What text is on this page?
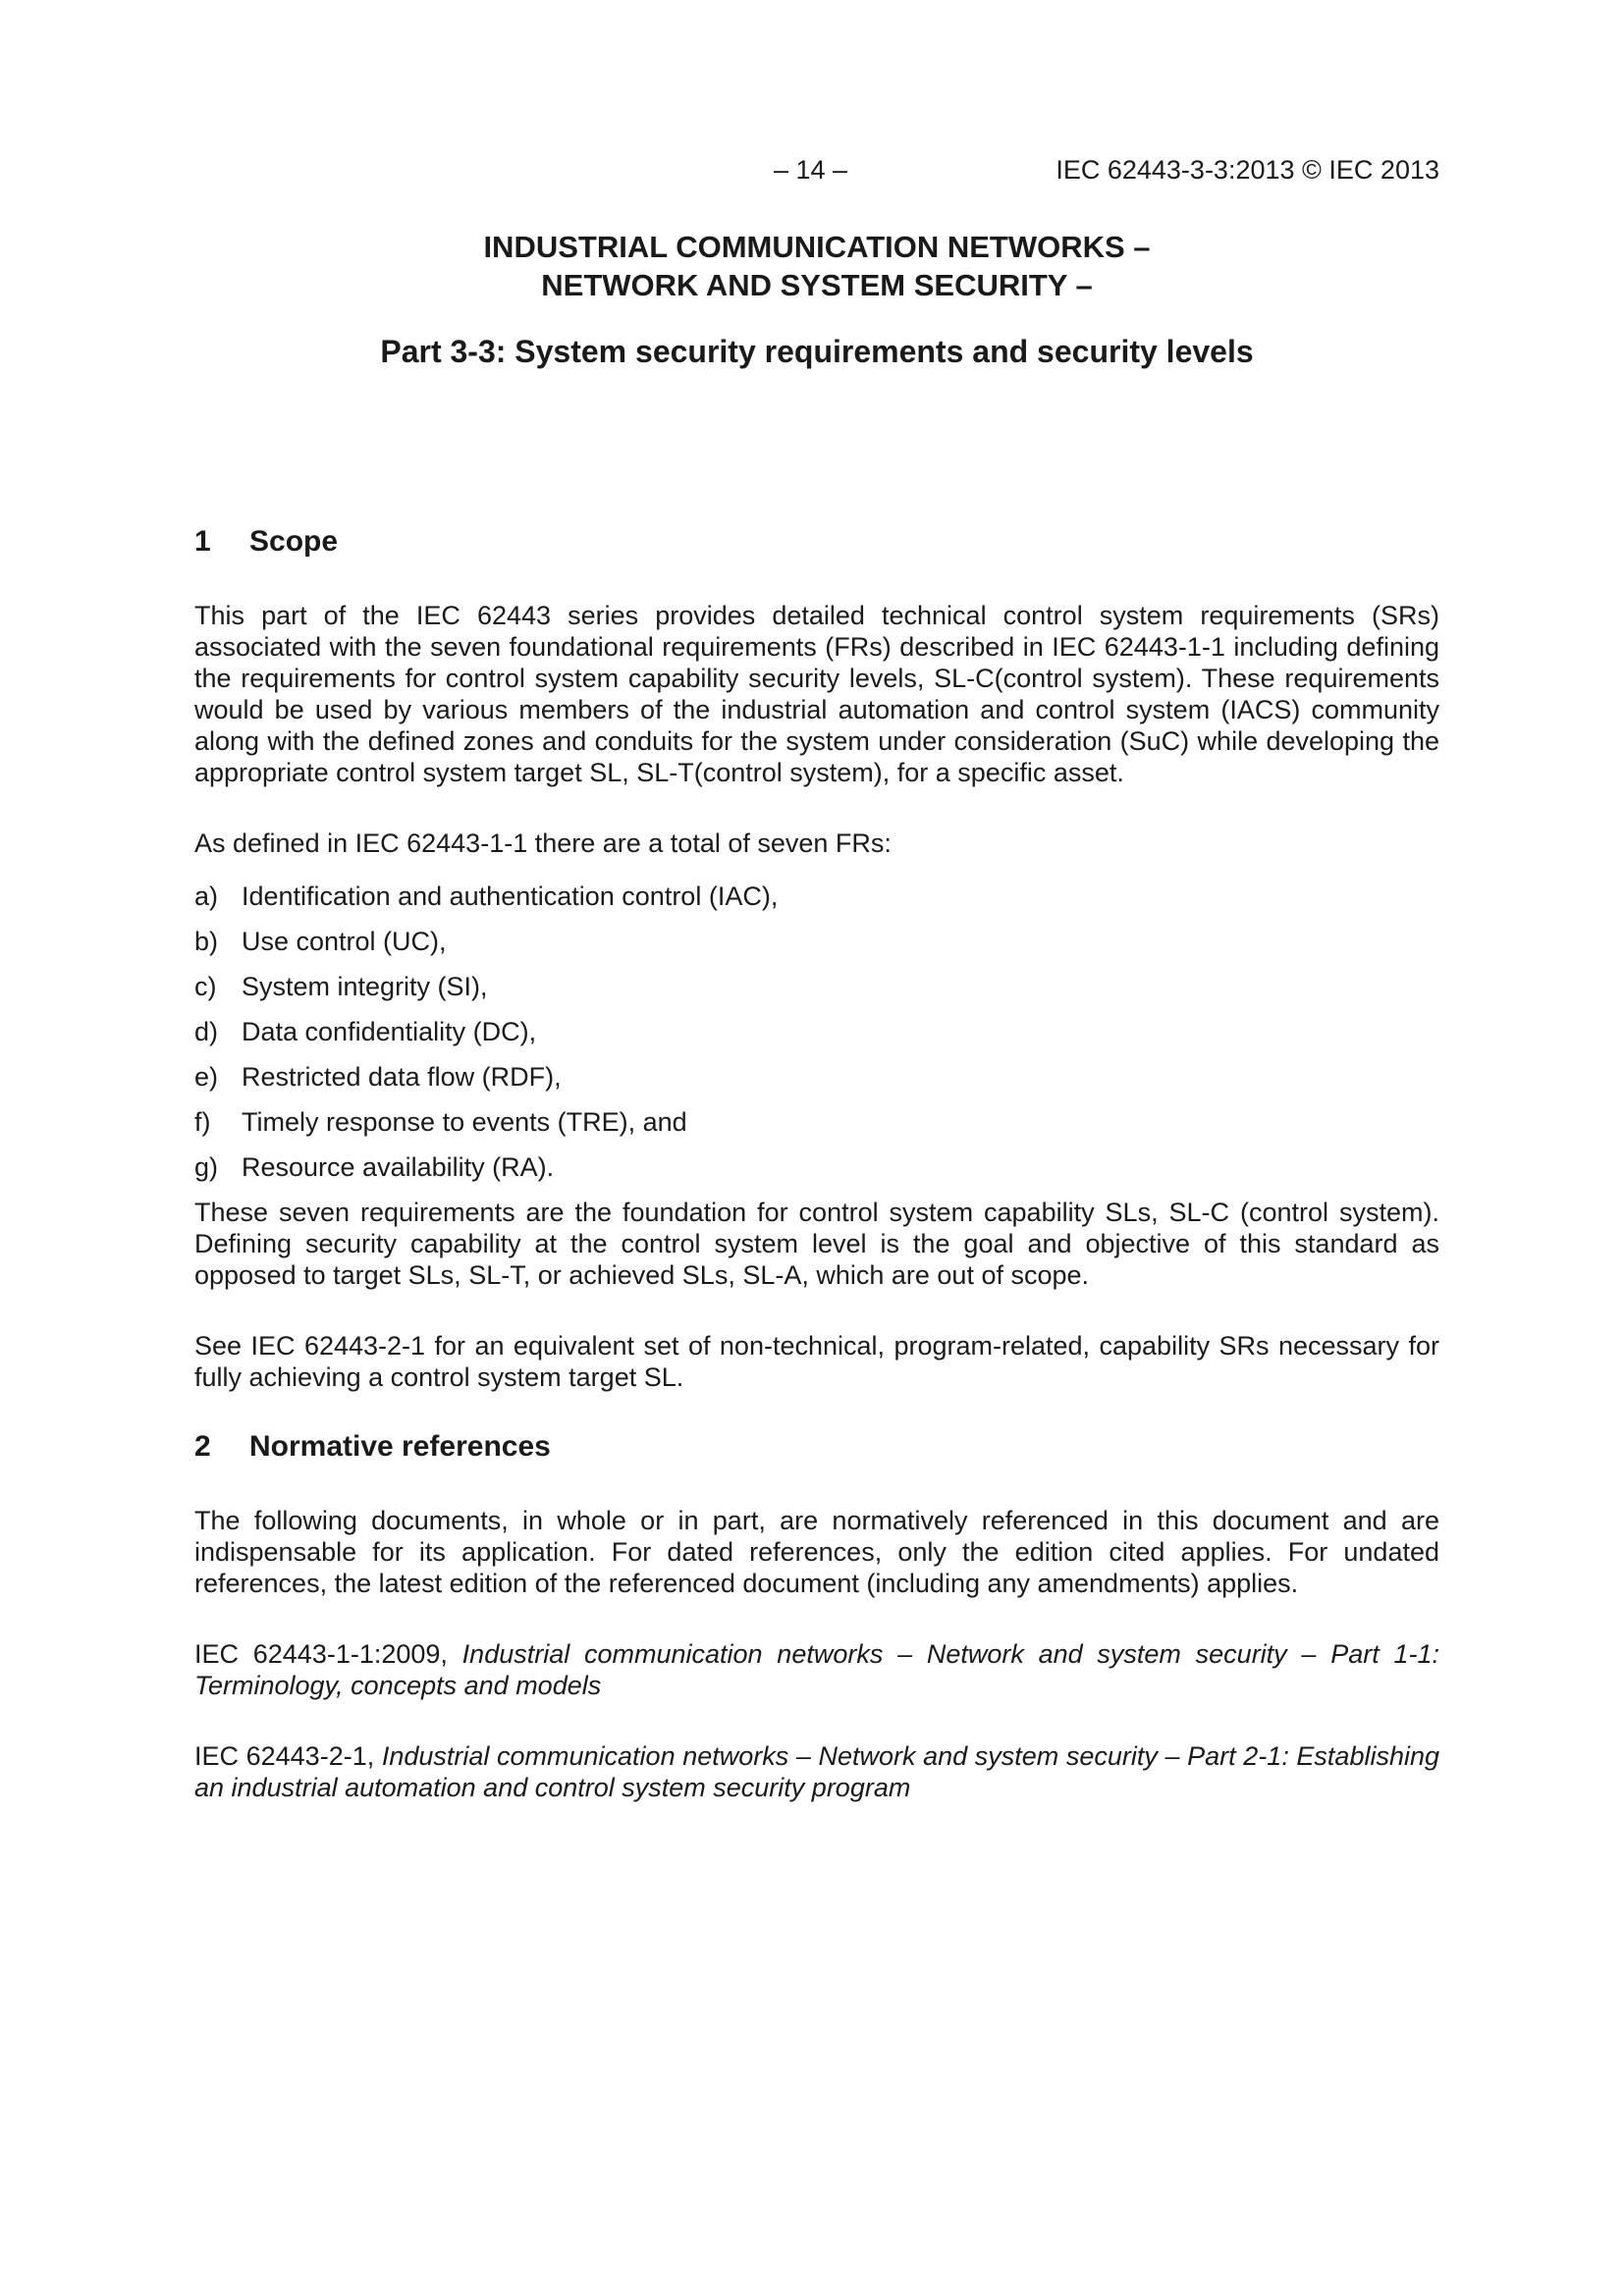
– 14 –	IEC 62443-3-3:2013 © IEC 2013
INDUSTRIAL COMMUNICATION NETWORKS –
NETWORK AND SYSTEM SECURITY –
Part 3-3: System security requirements and security levels
1	Scope

This part of the IEC 62443 series provides detailed technical control system requirements (SRs) associated with the seven foundational requirements (FRs) described in IEC 62443‑1‑1 including defining the requirements for control system capability security levels, SL-C(control system). These requirements would be used by various members of the industrial automation and control system (IACS) community along with the defined zones and conduits for the system under consideration (SuC) while developing the appropriate control system target SL, SL-T(control system), for a specific asset.

As defined in IEC 62443‑1‑1 there are a total of seven FRs:

a) Identification and authentication control (IAC),
b) Use control (UC),
c) System integrity (SI),
d) Data confidentiality (DC),
e) Restricted data flow (RDF),
f)	Timely response to events (TRE), and
g) Resource availability (RA).

These seven requirements are the foundation for control system capability SLs, SL-C (control system). Defining security capability at the control system level is the goal and objective of this standard as opposed to target SLs, SL-T, or achieved SLs, SL-A, which are out of scope.

See IEC 62443‑2‑1 for an equivalent set of non-technical, program-related, capability SRs necessary for fully achieving a control system target SL.

2	Normative references

The following documents, in whole or in part, are normatively referenced in this document and are indispensable for its application. For dated references, only the edition cited applies. For undated references, the latest edition of the referenced document (including any amendments) applies.

IEC 62443‑1‑1:2009, Industrial communication networks – Network and system security – Part 1-1: Terminology, concepts and models

IEC 62443‑2‑1, Industrial communication networks – Network and system security – Part 2-1: Establishing an industrial automation and control system security program
